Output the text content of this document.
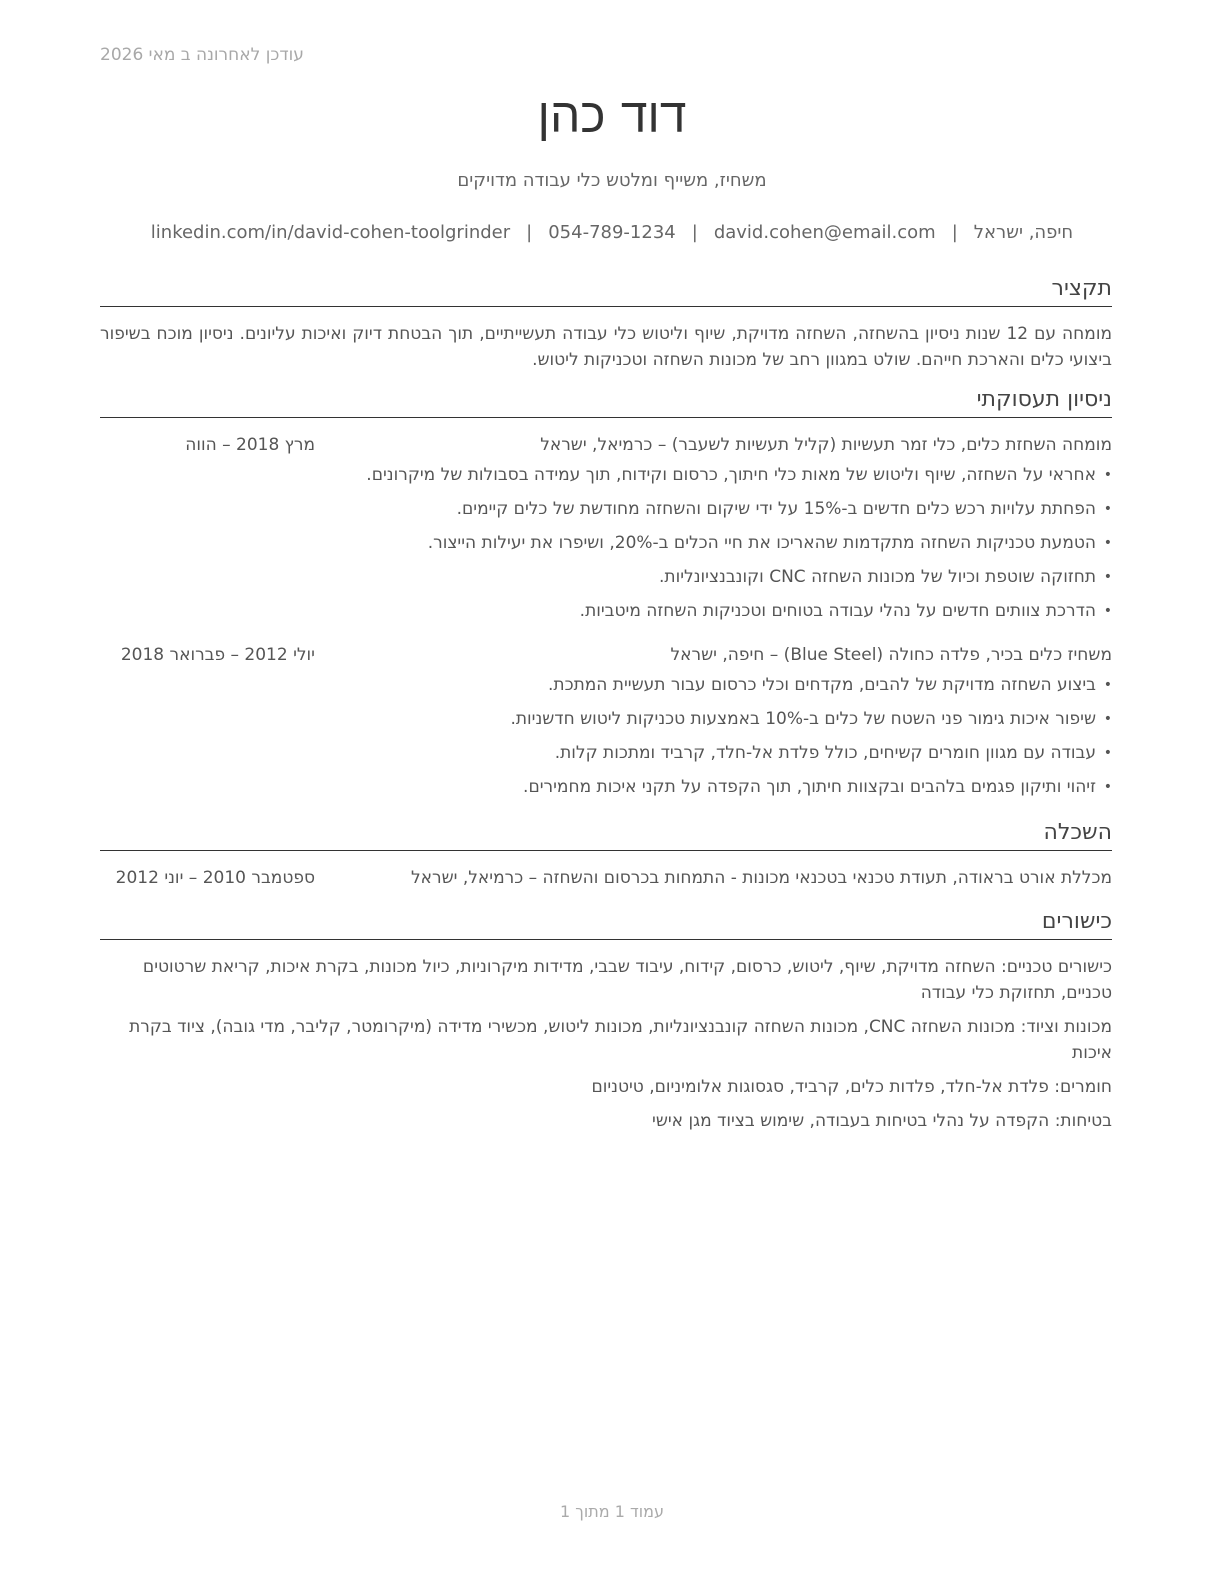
עודכן לאחרונה ב מאי 2026
דוד כהן
משחיז, משייף ומלטש כלי עבודה מדויקים
חיפה, ישראל|david.cohen@email.com|054-789-1234|linkedin.com/in/david-cohen-toolgrinder
תקציר
מומחה עם 12 שנות ניסיון בהשחזה, השחזה מדויקת, שיוף וליטוש כלי עבודה תעשייתיים, תוך הבטחת דיוק ואיכות עליונים. ניסיון מוכח בשיפור ביצועי כלים והארכת חייהם. שולט במגוון רחב של מכונות השחזה וטכניקות ליטוש.
ניסיון תעסוקתי
מומחה השחזת כלים, כלי זמר תעשיות (קליל תעשיות לשעבר) – כרמיאל, ישראל
מרץ 2018 – הווה
• אחראי על השחזה, שיוף וליטוש של מאות כלי חיתוך, כרסום וקידוח, תוך עמידה בסבולות של מיקרונים.
• הפחתת עלויות רכש כלים חדשים ב-15% על ידי שיקום והשחזה מחודשת של כלים קיימים.
• הטמעת טכניקות השחזה מתקדמות שהאריכו את חיי הכלים ב-20%, ושיפרו את יעילות הייצור.
• תחזוקה שוטפת וכיול של מכונות השחזה CNC וקונבנציונליות.
• הדרכת צוותים חדשים על נהלי עבודה בטוחים וטכניקות השחזה מיטביות.
משחיז כלים בכיר, פלדה כחולה (Blue Steel) – חיפה, ישראל
יולי 2012 – פברואר 2018
• ביצוע השחזה מדויקת של להבים, מקדחים וכלי כרסום עבור תעשיית המתכת.
• שיפור איכות גימור פני השטח של כלים ב-10% באמצעות טכניקות ליטוש חדשניות.
• עבודה עם מגוון חומרים קשיחים, כולל פלדת אל-חלד, קרביד ומתכות קלות.
• זיהוי ותיקון פגמים בלהבים ובקצוות חיתוך, תוך הקפדה על תקני איכות מחמירים.
השכלה
מכללת אורט בראודה, תעודת טכנאי בטכנאי מכונות - התמחות בכרסום והשחזה – כרמיאל, ישראל
ספטמבר 2010 – יוני 2012
כישורים
כישורים טכניים: השחזה מדויקת, שיוף, ליטוש, כרסום, קידוח, עיבוד שבבי, מדידות מיקרוניות, כיול מכונות, בקרת איכות, קריאת שרטוטים טכניים, תחזוקת כלי עבודה
מכונות וציוד: מכונות השחזה CNC, מכונות השחזה קונבנציונליות, מכונות ליטוש, מכשירי מדידה (מיקרומטר, קליבר, מדי גובה), ציוד בקרת איכות
חומרים: פלדת אל-חלד, פלדות כלים, קרביד, סגסוגות אלומיניום, טיטניום
בטיחות: הקפדה על נהלי בטיחות בעבודה, שימוש בציוד מגן אישי
עמוד 1 מתוך 1
